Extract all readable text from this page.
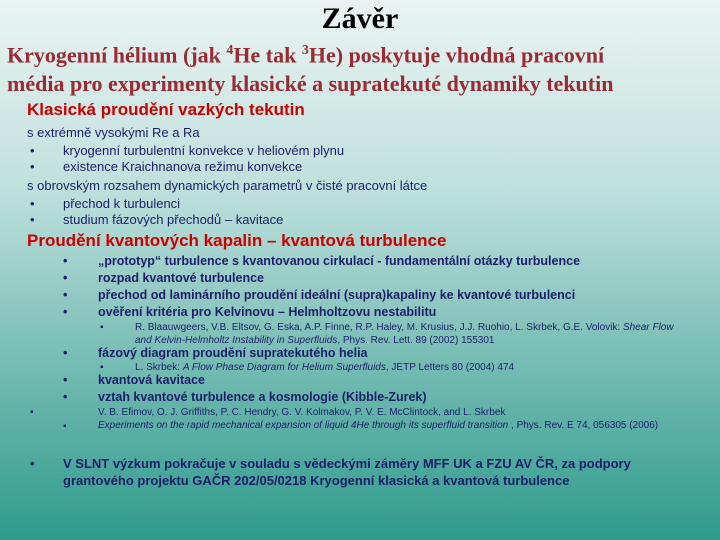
Závěr
Kryogenní hélium (jak $^4$He tak $^3$He) poskytuje vhodná pracovní
média pro experimenty klasické a supratekuté dynamiky tekutin
Klasická proudění vazkých tekutin
s extrémně vysokými Re a Ra
• kryogenní turbulentní konvekce v heliovém plynu
• existence Kraichnanova režimu konvekce
s obrovským rozsahem dynamických parametrů v čisté pracovní látce
• přechod k turbulenci
• studium fázových přechodů – kavitace
Proudění kvantových kapalin – kvantová turbulence
• „prototyp“ turbulence s kvantovanou cirkulací - fundamentální otázky turbulence
• rozpad kvantové turbulence
• přechod od laminárního proudění ideální (supra)kapaliny ke kvantové turbulenci
• ověření kritéria pro Kelvinovu – Helmholtzovu nestabilitu
▪	R. Blaauwgeers, V.B. Eltsov, G. Eska, A.P. Finne, R.P. Haley, M. Krusius, J.J. Ruohio, L. Skrbek, G.E. Volovik: Shear Flow
and Kelvin-Helmholtz Instability in Superfluids, Phys. Rev. Lett. 89 (2002) 155301
• fázový diagram proudění supratekutého helia
▪	L. Skrbek: A Flow Phase Diagram for Helium Superfluids, JETP Letters 80 (2004) 474
• kvantová kavitace
• vztah kvantové turbulence a kosmologie (Kibble-Zurek)
▪
▪
V. B. Efimov, O. J. Griffiths, P. C. Hendry, G. V. Kolmakov, P. V. E. McClintock, and L. Skrbek
Experiments on the rapid mechanical expansion of liquid 4He through its superfluid transition , Phys. Rev. E 74, 056305 (2006)
• V SLNT výzkum pokračuje v souladu s vědeckými záměry MFF UK a FZU AV ČR, za podpory
grantového projektu GAČR 202/05/0218 Kryogenní klasická a kvantová turbulence
